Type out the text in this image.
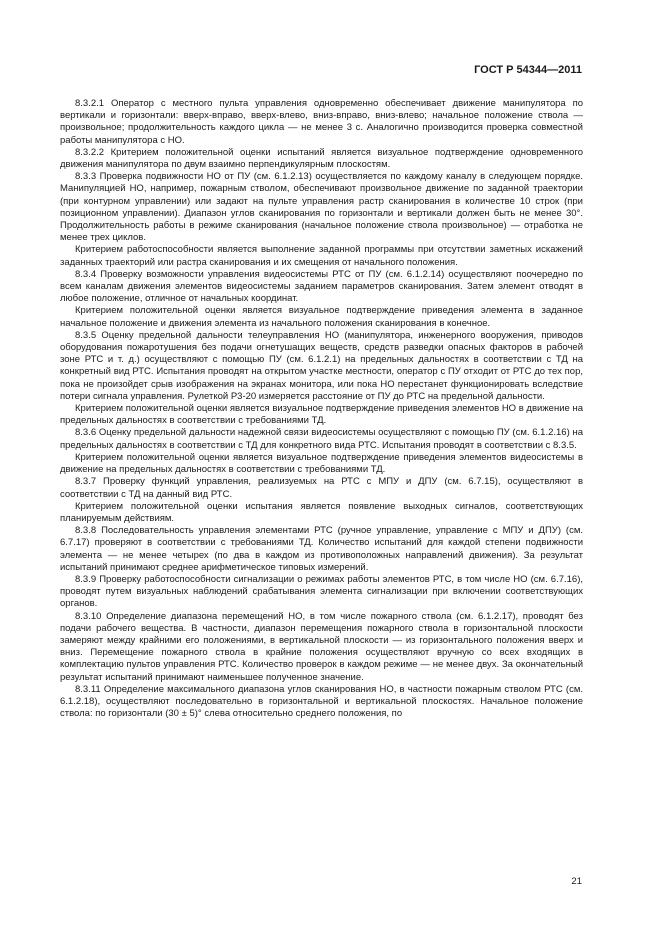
ГОСТ Р 54344—2011

8.3.2.1 Оператор с местного пульта управления одновременно обеспечивает движение манипулятора по вертикали и горизонтали: вверх-вправо, вверх-влево, вниз-вправо, вниз-влево; начальное положение ствола — произвольное; продолжительность каждого цикла — не менее 3 с. Аналогично производится проверка совместной работы манипулятора с НО.

8.3.2.2 Критерием положительной оценки испытаний является визуальное подтверждение одновременного движения манипулятора по двум взаимно перпендикулярным плоскостям.

8.3.3 Проверка подвижности НО от ПУ (см. 6.1.2.13) осуществляется по каждому каналу в следующем порядке. Манипуляцией НО, например, пожарным стволом, обеспечивают произвольное движение по заданной траектории (при контурном управлении) или задают на пульте управления растр сканирования в количестве 10 строк (при позиционном управлении). Диапазон углов сканирования по горизонтали и вертикали должен быть не менее 30°. Продолжительность работы в режиме сканирования (начальное положение ствола произвольное) — отработка не менее трех циклов.

Критерием работоспособности является выполнение заданной программы при отсутствии заметных искажений заданных траекторий или растра сканирования и их смещения от начального положения.

8.3.4 Проверку возможности управления видеосистемы РТС от ПУ (см. 6.1.2.14) осуществляют поочередно по всем каналам движения элементов видеосистемы заданием параметров сканирования. Затем элемент отводят в любое положение, отличное от начальных координат.

Критерием положительной оценки является визуальное подтверждение приведения элемента в заданное начальное положение и движения элемента из начального положения сканирования в конечное.

8.3.5 Оценку предельной дальности телеуправления НО (манипулятора, инженерного вооружения, приводов оборудования пожаротушения без подачи огнетушащих веществ, средств разведки опасных факторов в рабочей зоне РТС и т. д.) осуществляют с помощью ПУ (см. 6.1.2.1) на предельных дальностях в соответствии с ТД на конкретный вид РТС. Испытания проводят на открытом участке местности, оператор с ПУ отходит от РТС до тех пор, пока не произойдет срыв изображения на экранах монитора, или пока НО перестанет функционировать вследствие потери сигнала управления. Рулеткой Р3-20 измеряется расстояние от ПУ до РТС на предельной дальности.

Критерием положительной оценки является визуальное подтверждение приведения элементов НО в движение на предельных дальностях в соответствии с требованиями ТД.

8.3.6 Оценку предельной дальности надежной связи видеосистемы осуществляют с помощью ПУ (см. 6.1.2.16) на предельных дальностях в соответствии с ТД для конкретного вида РТС. Испытания проводят в соответствии с 8.3.5.

Критерием положительной оценки является визуальное подтверждение приведения элементов видеосистемы в движение на предельных дальностях в соответствии с требованиями ТД.

8.3.7 Проверку функций управления, реализуемых на РТС с МПУ и ДПУ (см. 6.7.15), осуществляют в соответствии с ТД на данный вид РТС.

Критерием положительной оценки испытания является появление выходных сигналов, соответствующих планируемым действиям.

8.3.8 Последовательность управления элементами РТС (ручное управление, управление с МПУ и ДПУ) (см. 6.7.17) проверяют в соответствии с требованиями ТД. Количество испытаний для каждой степени подвижности элемента — не менее четырех (по два в каждом из противоположных направлений движения). За результат испытаний принимают среднее арифметическое типовых измерений.

8.3.9 Проверку работоспособности сигнализации о режимах работы элементов РТС, в том числе НО (см. 6.7.16), проводят путем визуальных наблюдений срабатывания элемента сигнализации при включении соответствующих органов.

8.3.10 Определение диапазона перемещений НО, в том числе пожарного ствола (см. 6.1.2.17), проводят без подачи рабочего вещества. В частности, диапазон перемещения пожарного ствола в горизонтальной плоскости замеряют между крайними его положениями, в вертикальной плоскости — из горизонтального положения вверх и вниз. Перемещение пожарного ствола в крайние положения осуществляют вручную со всех входящих в комплектацию пультов управления РТС. Количество проверок в каждом режиме — не менее двух. За окончательный результат испытаний принимают наименьшее полученное значение.

8.3.11 Определение максимального диапазона углов сканирования НО, в частности пожарным стволом РТС (см. 6.1.2.18), осуществляют последовательно в горизонтальной и вертикальной плоскостях. Начальное положение ствола: по горизонтали (30 ± 5)° слева относительно среднего положения, по

21
